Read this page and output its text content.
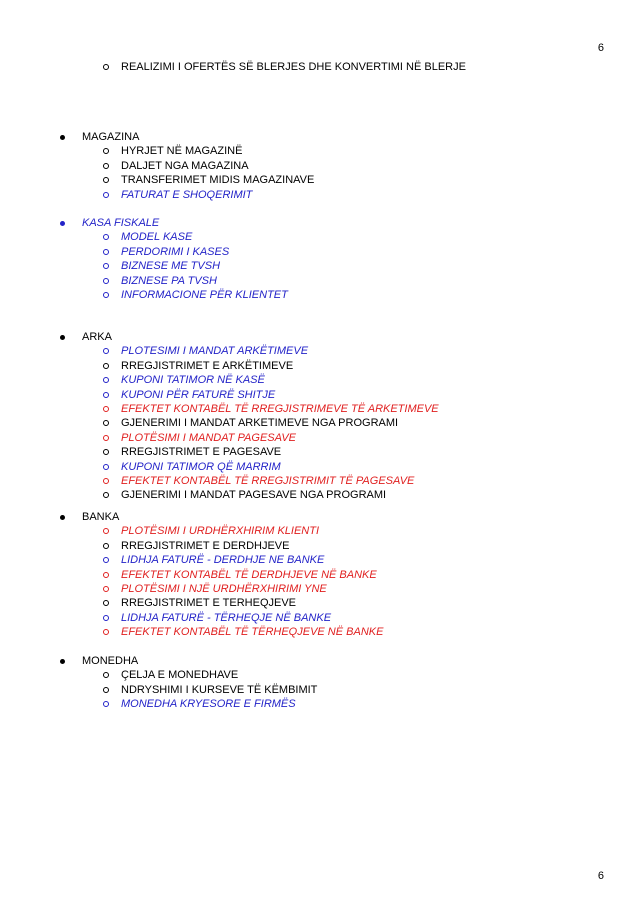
6
REALIZIMI I OFERTËS SË BLERJES DHE KONVERTIMI NË BLERJE
MAGAZINA
HYRJET NË MAGAZINË
DALJET NGA MAGAZINA
TRANSFERIMET MIDIS MAGAZINAVE
FATURAT E SHOQERIMIT
KASA FISKALE
MODEL KASE
PERDORIMI I KASES
BIZNESE ME TVSH
BIZNESE PA TVSH
INFORMACIONE PËR KLIENTET
ARKA
PLOTESIMI I MANDAT ARKËTIMEVE
RREGJISTRIMET E ARKËTIMEVE
KUPONI TATIMOR NË KASË
KUPONI PËR FATURË SHITJE
EFEKTET KONTABËL TË RREGJISTRIMEVE TË ARKETIMEVE
GJENERIMI I MANDAT ARKETIMEVE NGA PROGRAMI
PLOTËSIMI I MANDAT PAGESAVE
RREGJISTRIMET E PAGESAVE
KUPONI TATIMOR QË MARRIM
EFEKTET KONTABËL TË RREGJISTRIMIT TË PAGESAVE
GJENERIMI I MANDAT PAGESAVE NGA PROGRAMI
BANKA
PLOTËSIMI I URDHËRXHIRIM KLIENTI
RREGJISTRIMET E DERDHJEVE
LIDHJA FATURË - DERDHJE NE BANKE
EFEKTET KONTABËL TË DERDHJEVE NË BANKE
PLOTËSIMI I NJË URDHËRXHIRIMI YNE
RREGJISTRIMET E TERHEQJEVE
LIDHJA FATURË - TËRHEQJE NË BANKE
EFEKTET KONTABËL TË TËRHEQJEVE NË BANKE
MONEDHA
ÇELJA E MONEDHAVE
NDRYSHIMI I KURSEVE TË KËMBIMIT
MONEDHA KRYESORE E FIRMËS
6
